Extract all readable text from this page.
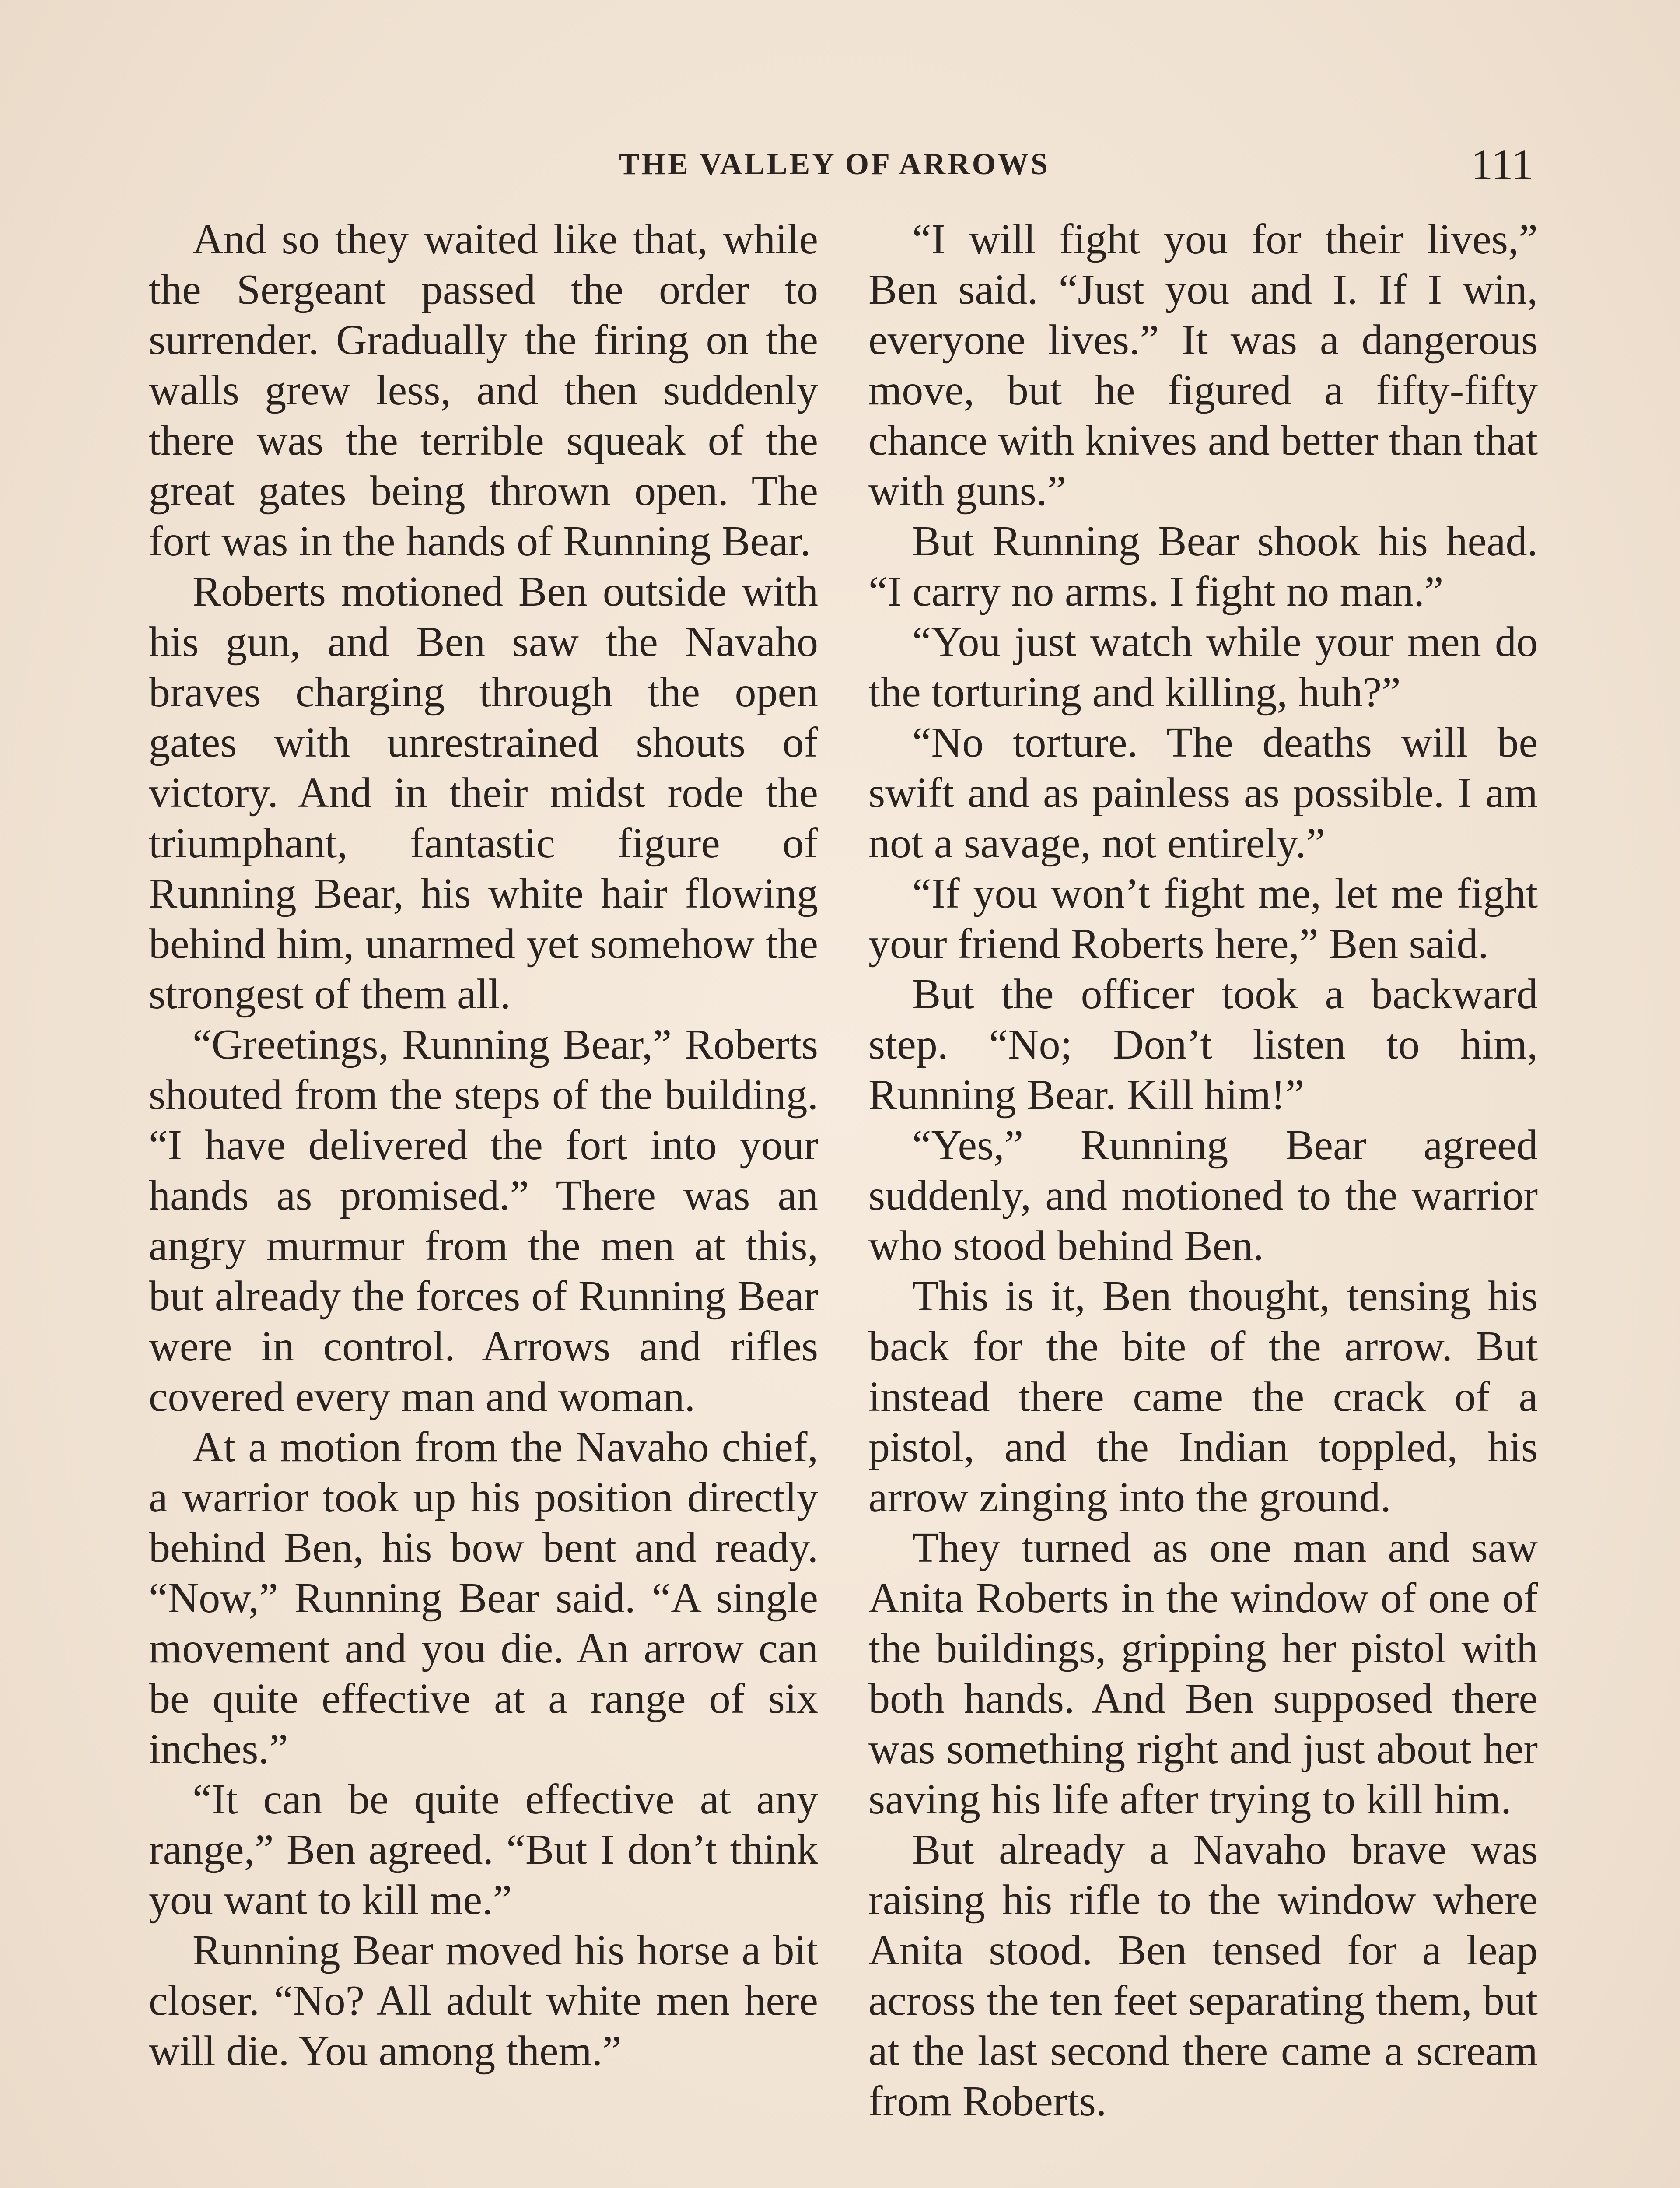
THE VALLEY OF ARROWS	111

And so they waited like that, while the Sergeant passed the order to surrender. Gradually the firing on the walls grew less, and then suddenly there was the terrible squeak of the great gates being thrown open. The fort was in the hands of Running Bear.

Roberts motioned Ben outside with his gun, and Ben saw the Navaho braves charging through the open gates with unrestrained shouts of victory. And in their midst rode the triumphant, fantastic figure of Running Bear, his white hair flowing behind him, unarmed yet somehow the strongest of them all.

“Greetings, Running Bear,” Roberts shouted from the steps of the building. “I have delivered the fort into your hands as promised.” There was an angry murmur from the men at this, but already the forces of Running Bear were in control. Arrows and rifles covered every man and woman.

At a motion from the Navaho chief, a warrior took up his position directly behind Ben, his bow bent and ready. “Now,” Running Bear said. “A single movement and you die. An arrow can be quite effective at a range of six inches.”

“It can be quite effective at any range,” Ben agreed. “But I don’t think you want to kill me.”

Running Bear moved his horse a bit closer. “No? All adult white men here will die. You among them.”

“I will fight you for their lives,” Ben said. “Just you and I. If I win, everyone lives.” It was a dangerous move, but he figured a fifty-fifty chance with knives and better than that with guns.”

But Running Bear shook his head. “I carry no arms. I fight no man.”

“You just watch while your men do the torturing and killing, huh?”

“No torture. The deaths will be swift and as painless as possible. I am not a savage, not entirely.”

“If you won’t fight me, let me fight your friend Roberts here,” Ben said.

But the officer took a backward step. “No; Don’t listen to him, Running Bear. Kill him!”

“Yes,” Running Bear agreed suddenly, and motioned to the warrior who stood behind Ben.

This is it, Ben thought, tensing his back for the bite of the arrow. But instead there came the crack of a pistol, and the Indian toppled, his arrow zinging into the ground.

They turned as one man and saw Anita Roberts in the window of one of the buildings, gripping her pistol with both hands. And Ben supposed there was something right and just about her saving his life after trying to kill him.

But already a Navaho brave was raising his rifle to the window where Anita stood. Ben tensed for a leap across the ten feet separating them, but at the last second there came a scream from Roberts.
